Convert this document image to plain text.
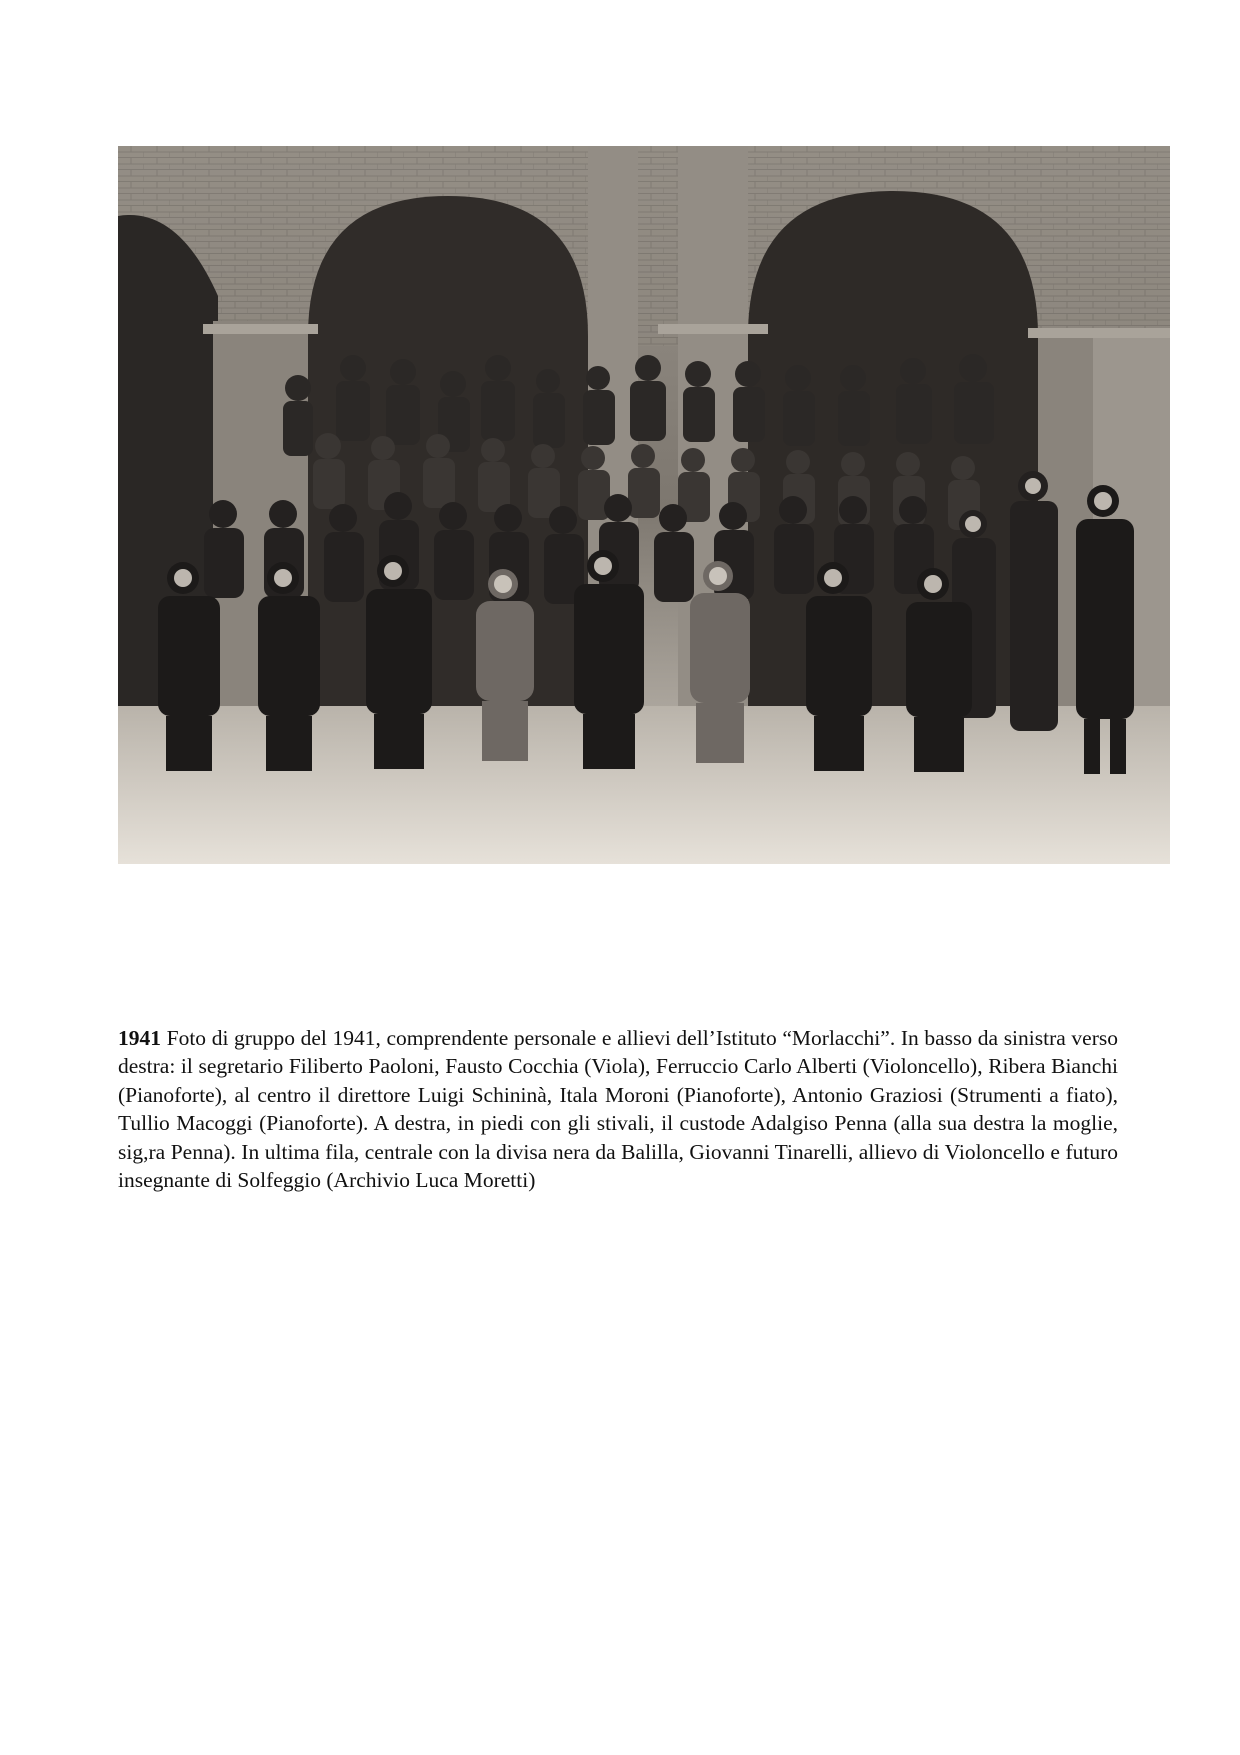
1941 Foto di gruppo del 1941, comprendente personale e allievi dell’Istituto “Morlacchi”. In basso da sinistra verso destra: il segretario Filiberto Paoloni, Fausto Cocchia (Viola), Ferruccio Carlo Alberti (Violoncello), Ribera Bianchi (Pianoforte), al centro il direttore Luigi Schininà, Itala Moroni (Pianoforte), Antonio Graziosi (Strumenti a fiato), Tullio Macoggi (Pianoforte). A destra, in piedi con gli stivali, il custode Adalgiso Penna (alla sua destra la moglie, sig,ra Penna). In ultima fila, centrale con la divisa nera da Balilla, Giovanni Tinarelli, allievo di Violoncello e futuro insegnante di Solfeggio (Archivio Luca Moretti)
